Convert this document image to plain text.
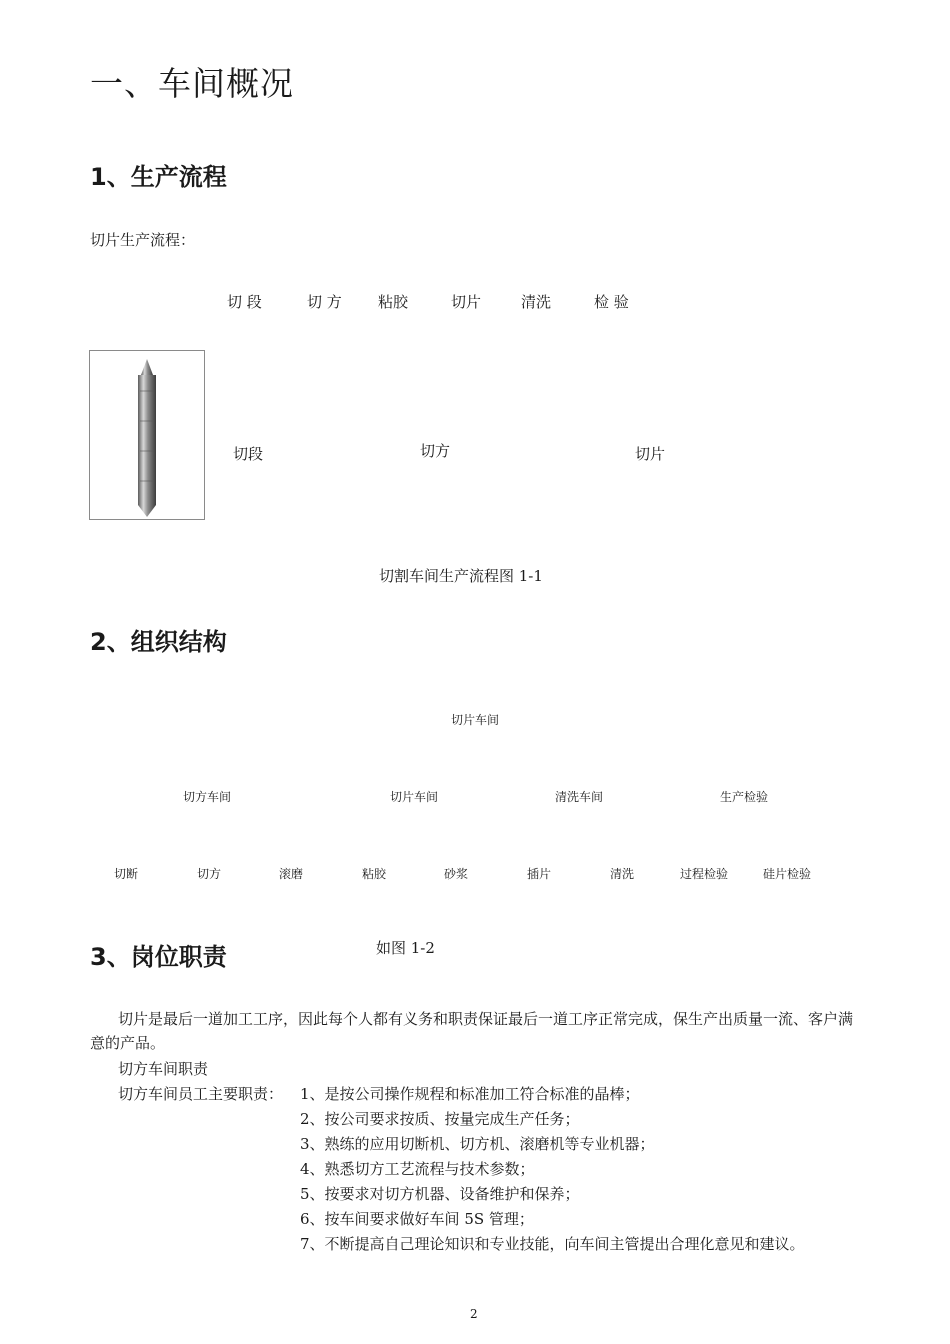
一、车间概况
1、生产流程
切片生产流程：
切 段	切 方 粘胶	切片	清洗	检 验
切段	切方	切片
切割车间生产流程图 1-1
2、组织结构
切片车间
切方车间	切片车间	清洗车间	生产检验
切断	切方	滚磨	粘胶	砂浆	插片	清洗	过程检验	硅片检验
3、岗位职责	如图 1-2
切片是最后一道加工工序，因此每个人都有义务和职责保证最后一道工序正常完成，保生产出质量一流、客户满意的产品。
切方车间职责
切方车间员工主要职责： 1、是按公司操作规程和标准加工符合标准的晶棒；
2、按公司要求按质、按量完成生产任务；
3、熟练的应用切断机、切方机、滚磨机等专业机器；
4、熟悉切方工艺流程与技术参数；
5、按要求对切方机器、设备维护和保养；
6、按车间要求做好车间 5S 管理；
7、不断提高自己理论知识和专业技能，向车间主管提出合理化意见和建议。
2
